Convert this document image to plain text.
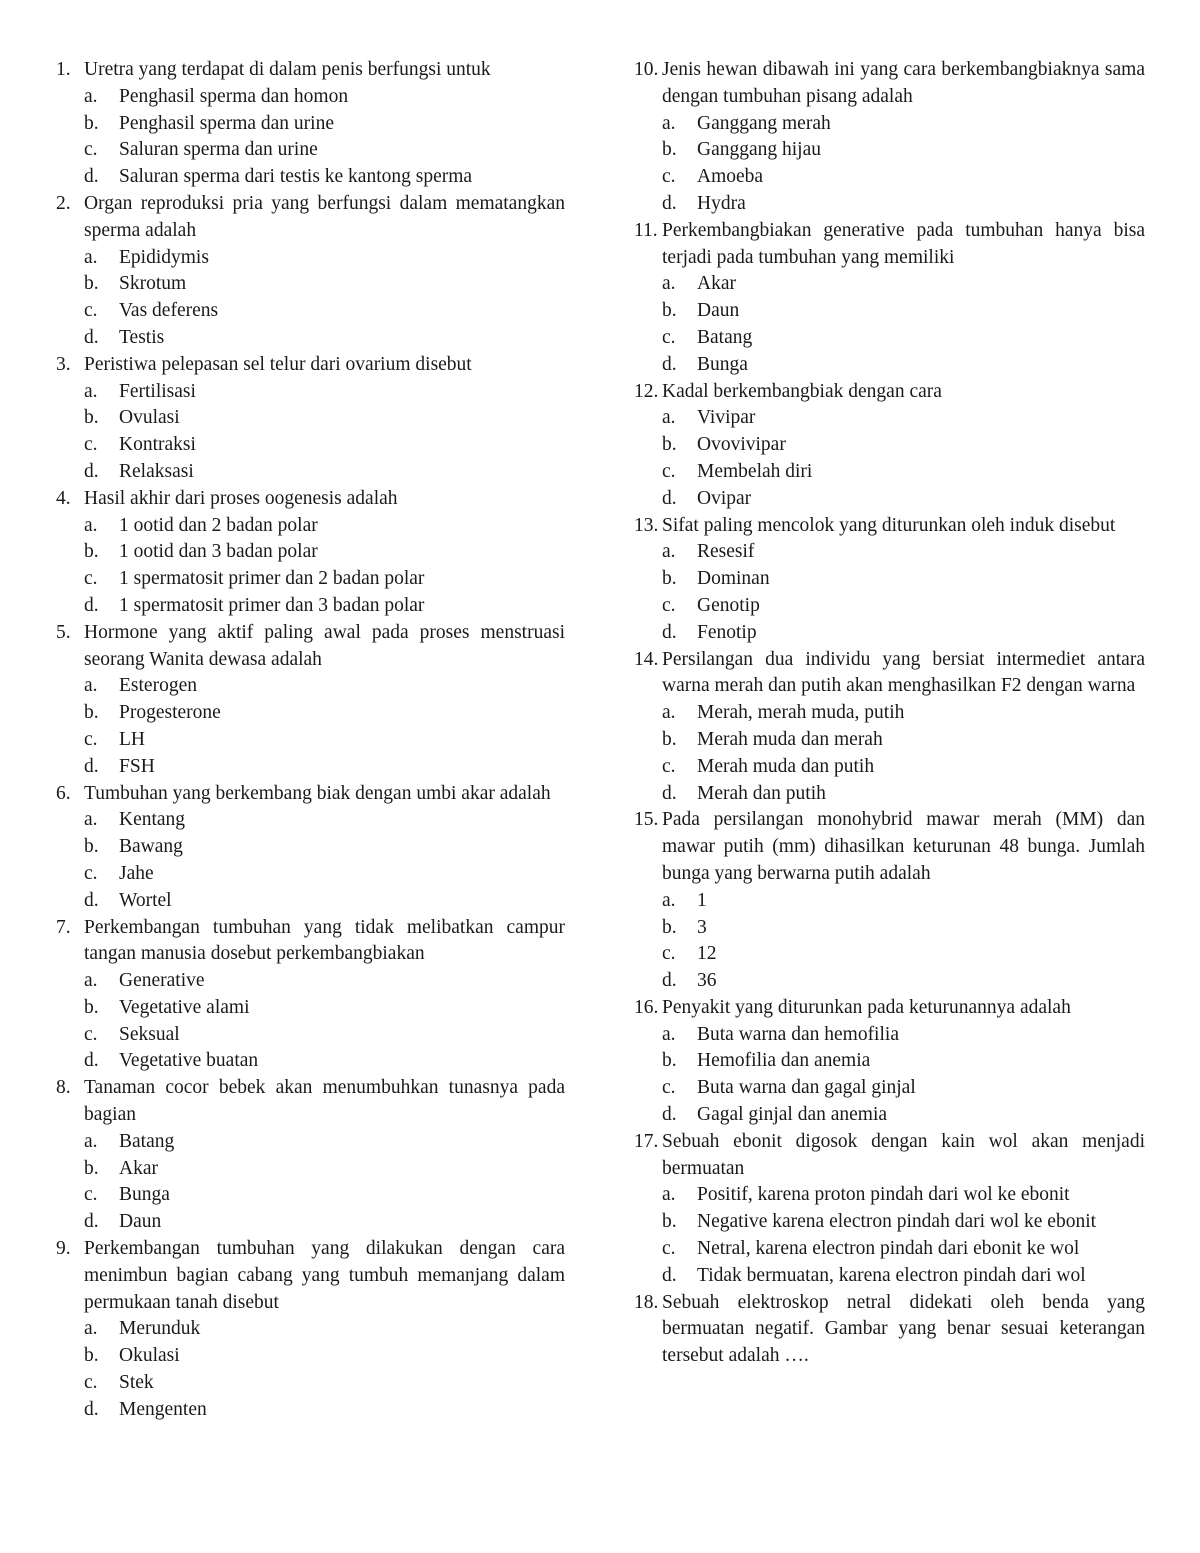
1. Uretra yang terdapat di dalam penis berfungsi untuk
a. Penghasil sperma dan homon
b. Penghasil sperma dan urine
c. Saluran sperma dan urine
d. Saluran sperma dari testis ke kantong sperma
2. Organ reproduksi pria yang berfungsi dalam mematangkan sperma adalah
a. Epididymis
b. Skrotum
c. Vas deferens
d. Testis
3. Peristiwa pelepasan sel telur dari ovarium disebut
a. Fertilisasi
b. Ovulasi
c. Kontraksi
d. Relaksasi
4. Hasil akhir dari proses oogenesis adalah
a. 1 ootid dan 2 badan polar
b. 1 ootid dan 3 badan polar
c. 1 spermatosit primer dan 2 badan polar
d. 1 spermatosit primer dan 3 badan polar
5. Hormone yang aktif paling awal pada proses menstruasi seorang Wanita dewasa adalah
a. Esterogen
b. Progesterone
c. LH
d. FSH
6. Tumbuhan yang berkembang biak dengan umbi akar adalah
a. Kentang
b. Bawang
c. Jahe
d. Wortel
7. Perkembangan tumbuhan yang tidak melibatkan campur tangan manusia dosebut perkembangbiakan
a. Generative
b. Vegetative alami
c. Seksual
d. Vegetative buatan
8. Tanaman cocor bebek akan menumbuhkan tunasnya pada bagian
a. Batang
b. Akar
c. Bunga
d. Daun
9. Perkembangan tumbuhan yang dilakukan dengan cara menimbun bagian cabang yang tumbuh memanjang dalam permukaan tanah disebut
a. Merunduk
b. Okulasi
c. Stek
d. Mengenten
10. Jenis hewan dibawah ini yang cara berkembangbiaknya sama dengan tumbuhan pisang adalah
a. Ganggang merah
b. Ganggang hijau
c. Amoeba
d. Hydra
11. Perkembangbiakan generative pada tumbuhan hanya bisa terjadi pada tumbuhan yang memiliki
a. Akar
b. Daun
c. Batang
d. Bunga
12. Kadal berkembangbiak dengan cara
a. Vivipar
b. Ovovivipar
c. Membelah diri
d. Ovipar
13. Sifat paling mencolok yang diturunkan oleh induk disebut
a. Resesif
b. Dominan
c. Genotip
d. Fenotip
14. Persilangan dua individu yang bersiat intermediet antara warna merah dan putih akan menghasilkan F2 dengan warna
a. Merah, merah muda, putih
b. Merah muda dan merah
c. Merah muda dan putih
d. Merah dan putih
15. Pada persilangan monohybrid mawar merah (MM) dan mawar putih (mm) dihasilkan keturunan 48 bunga. Jumlah bunga yang berwarna putih adalah
a. 1
b. 3
c. 12
d. 36
16. Penyakit yang diturunkan pada keturunannya adalah
a. Buta warna dan hemofilia
b. Hemofilia dan anemia
c. Buta warna dan gagal ginjal
d. Gagal ginjal dan anemia
17. Sebuah ebonit digosok dengan kain wol akan menjadi bermuatan
a. Positif, karena proton pindah dari wol ke ebonit
b. Negative karena electron pindah dari wol ke ebonit
c. Netral, karena electron pindah dari ebonit ke wol
d. Tidak bermuatan, karena electron pindah dari wol
18. Sebuah elektroskop netral didekati oleh benda yang bermuatan negatif. Gambar yang benar sesuai keterangan tersebut adalah ….
